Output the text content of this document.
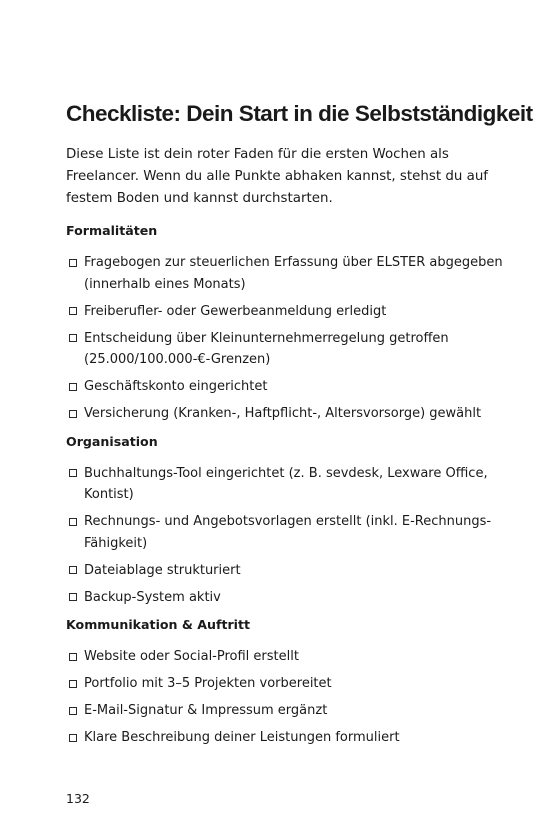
Checkliste: Dein Start in die Selbstständigkeit

Diese Liste ist dein roter Faden für die ersten Wochen als Freelancer. Wenn du alle Punkte abhaken kannst, stehst du auf festem Boden und kannst durchstarten.

Formalitäten
Fragebogen zur steuerlichen Erfassung über ELSTER abgegeben (innerhalb eines Monats)
Freiberufler- oder Gewerbeanmeldung erledigt
Entscheidung über Kleinunternehmerregelung getroffen (25.000/100.000-€-Grenzen)
Geschäftskonto eingerichtet
Versicherung (Kranken-, Haftpflicht-, Altersvorsorge) gewählt
Organisation
Buchhaltungs-Tool eingerichtet (z. B. sevdesk, Lexware Office, Kontist)
Rechnungs- und Angebotsvorlagen erstellt (inkl. E-Rechnungs-Fähigkeit)
Dateiablage strukturiert
Backup-System aktiv
Kommunikation & Auftritt
Website oder Social-Profil erstellt
Portfolio mit 3–5 Projekten vorbereitet
E-Mail-Signatur & Impressum ergänzt
Klare Beschreibung deiner Leistungen formuliert
132
